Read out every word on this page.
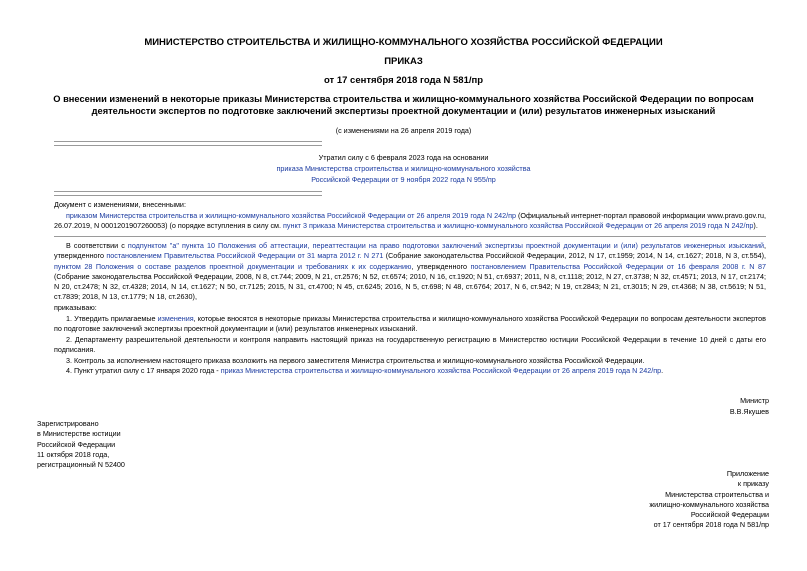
МИНИСТЕРСТВО СТРОИТЕЛЬСТВА И ЖИЛИЩНО-КОММУНАЛЬНОГО ХОЗЯЙСТВА РОССИЙСКОЙ ФЕДЕРАЦИИ
ПРИКАЗ
от 17 сентября 2018 года N 581/пр
О внесении изменений в некоторые приказы Министерства строительства и жилищно-коммунального хозяйства Российской Федерации по вопросам
деятельности экспертов по подготовке заключений экспертизы проектной документации и (или) результатов инженерных изысканий
(с изменениями на 26 апреля 2019 года)
Утратил силу с 6 февраля 2023 года на основании
приказа Министерства строительства и жилищно-коммунального хозяйства
Российской Федерации от 9 ноября 2022 года N 955/пр
Документ с изменениями, внесенными:
приказом Министерства строительства и жилищно-коммунального хозяйства Российской Федерации от 26 апреля 2019 года N 242/пр (Официальный интернет-портал правовой информации www.pravo.gov.ru, 26.07.2019, N 0001201907260053) (о порядке вступления в силу см. пункт 3 приказа Министерства строительства и жилищно-коммунального хозяйства Российской Федерации от 26 апреля 2019 года N 242/пр).
В соответствии с подпунктом "а" пункта 10 Положения об аттестации, переаттестации на право подготовки заключений экспертизы проектной документации и (или) результатов инженерных изысканий, утвержденного постановлением Правительства Российской Федерации от 31 марта 2012 г. N 271 (Собрание законодательства Российской Федерации, 2012, N 17, ст.1959; 2014, N 14, ст.1627; 2018, N 3, ст.554), пунктом 28 Положения о составе разделов проектной документации и требованиях к их содержанию, утвержденного постановлением Правительства Российской Федерации от 16 февраля 2008 г. N 87 (Собрание законодательства Российской Федерации, 2008, N 8, ст.744; 2009, N 21, ст.2576; N 52, ст.6574; 2010, N 16, ст.1920; N 51, ст.6937; 2011, N 8, ст.1118; 2012, N 27, ст.3738; N 32, ст.4571; 2013, N 17, ст.2174; N 20, ст.2478; N 32, ст.4328; 2014, N 14, ст.1627; N 50, ст.7125; 2015, N 31, ст.4700; N 45, ст.6245; 2016, N 5, ст.698; N 48, ст.6764; 2017, N 6, ст.942; N 19, ст.2843; N 21, ст.3015; N 29, ст.4368; N 38, ст.5619; N 51, ст.7839; 2018, N 13, ст.1779; N 18, ст.2630),
приказываю:
1. Утвердить прилагаемые изменения, которые вносятся в некоторые приказы Министерства строительства и жилищно-коммунального хозяйства Российской Федерации по вопросам деятельности экспертов по подготовке заключений экспертизы проектной документации и (или) результатов инженерных изысканий.
2. Департаменту разрешительной деятельности и контроля направить настоящий приказ на государственную регистрацию в Министерство юстиции Российской Федерации в течение 10 дней с даты его подписания.
3. Контроль за исполнением настоящего приказа возложить на первого заместителя Министра строительства и жилищно-коммунального хозяйства Российской Федерации.
4. Пункт утратил силу с 17 января 2020 года - приказ Министерства строительства и жилищно-коммунального хозяйства Российской Федерации от 26 апреля 2019 года N 242/пр.
Министр
В.В.Якушев
Зарегистрировано
в Министерстве юстиции
Российской Федерации
11 октября 2018 года,
регистрационный N 52400
Приложение
к приказу
Министерства строительства и
жилищно-коммунального хозяйства
Российской Федерации
от 17 сентября 2018 года N 581/пр
